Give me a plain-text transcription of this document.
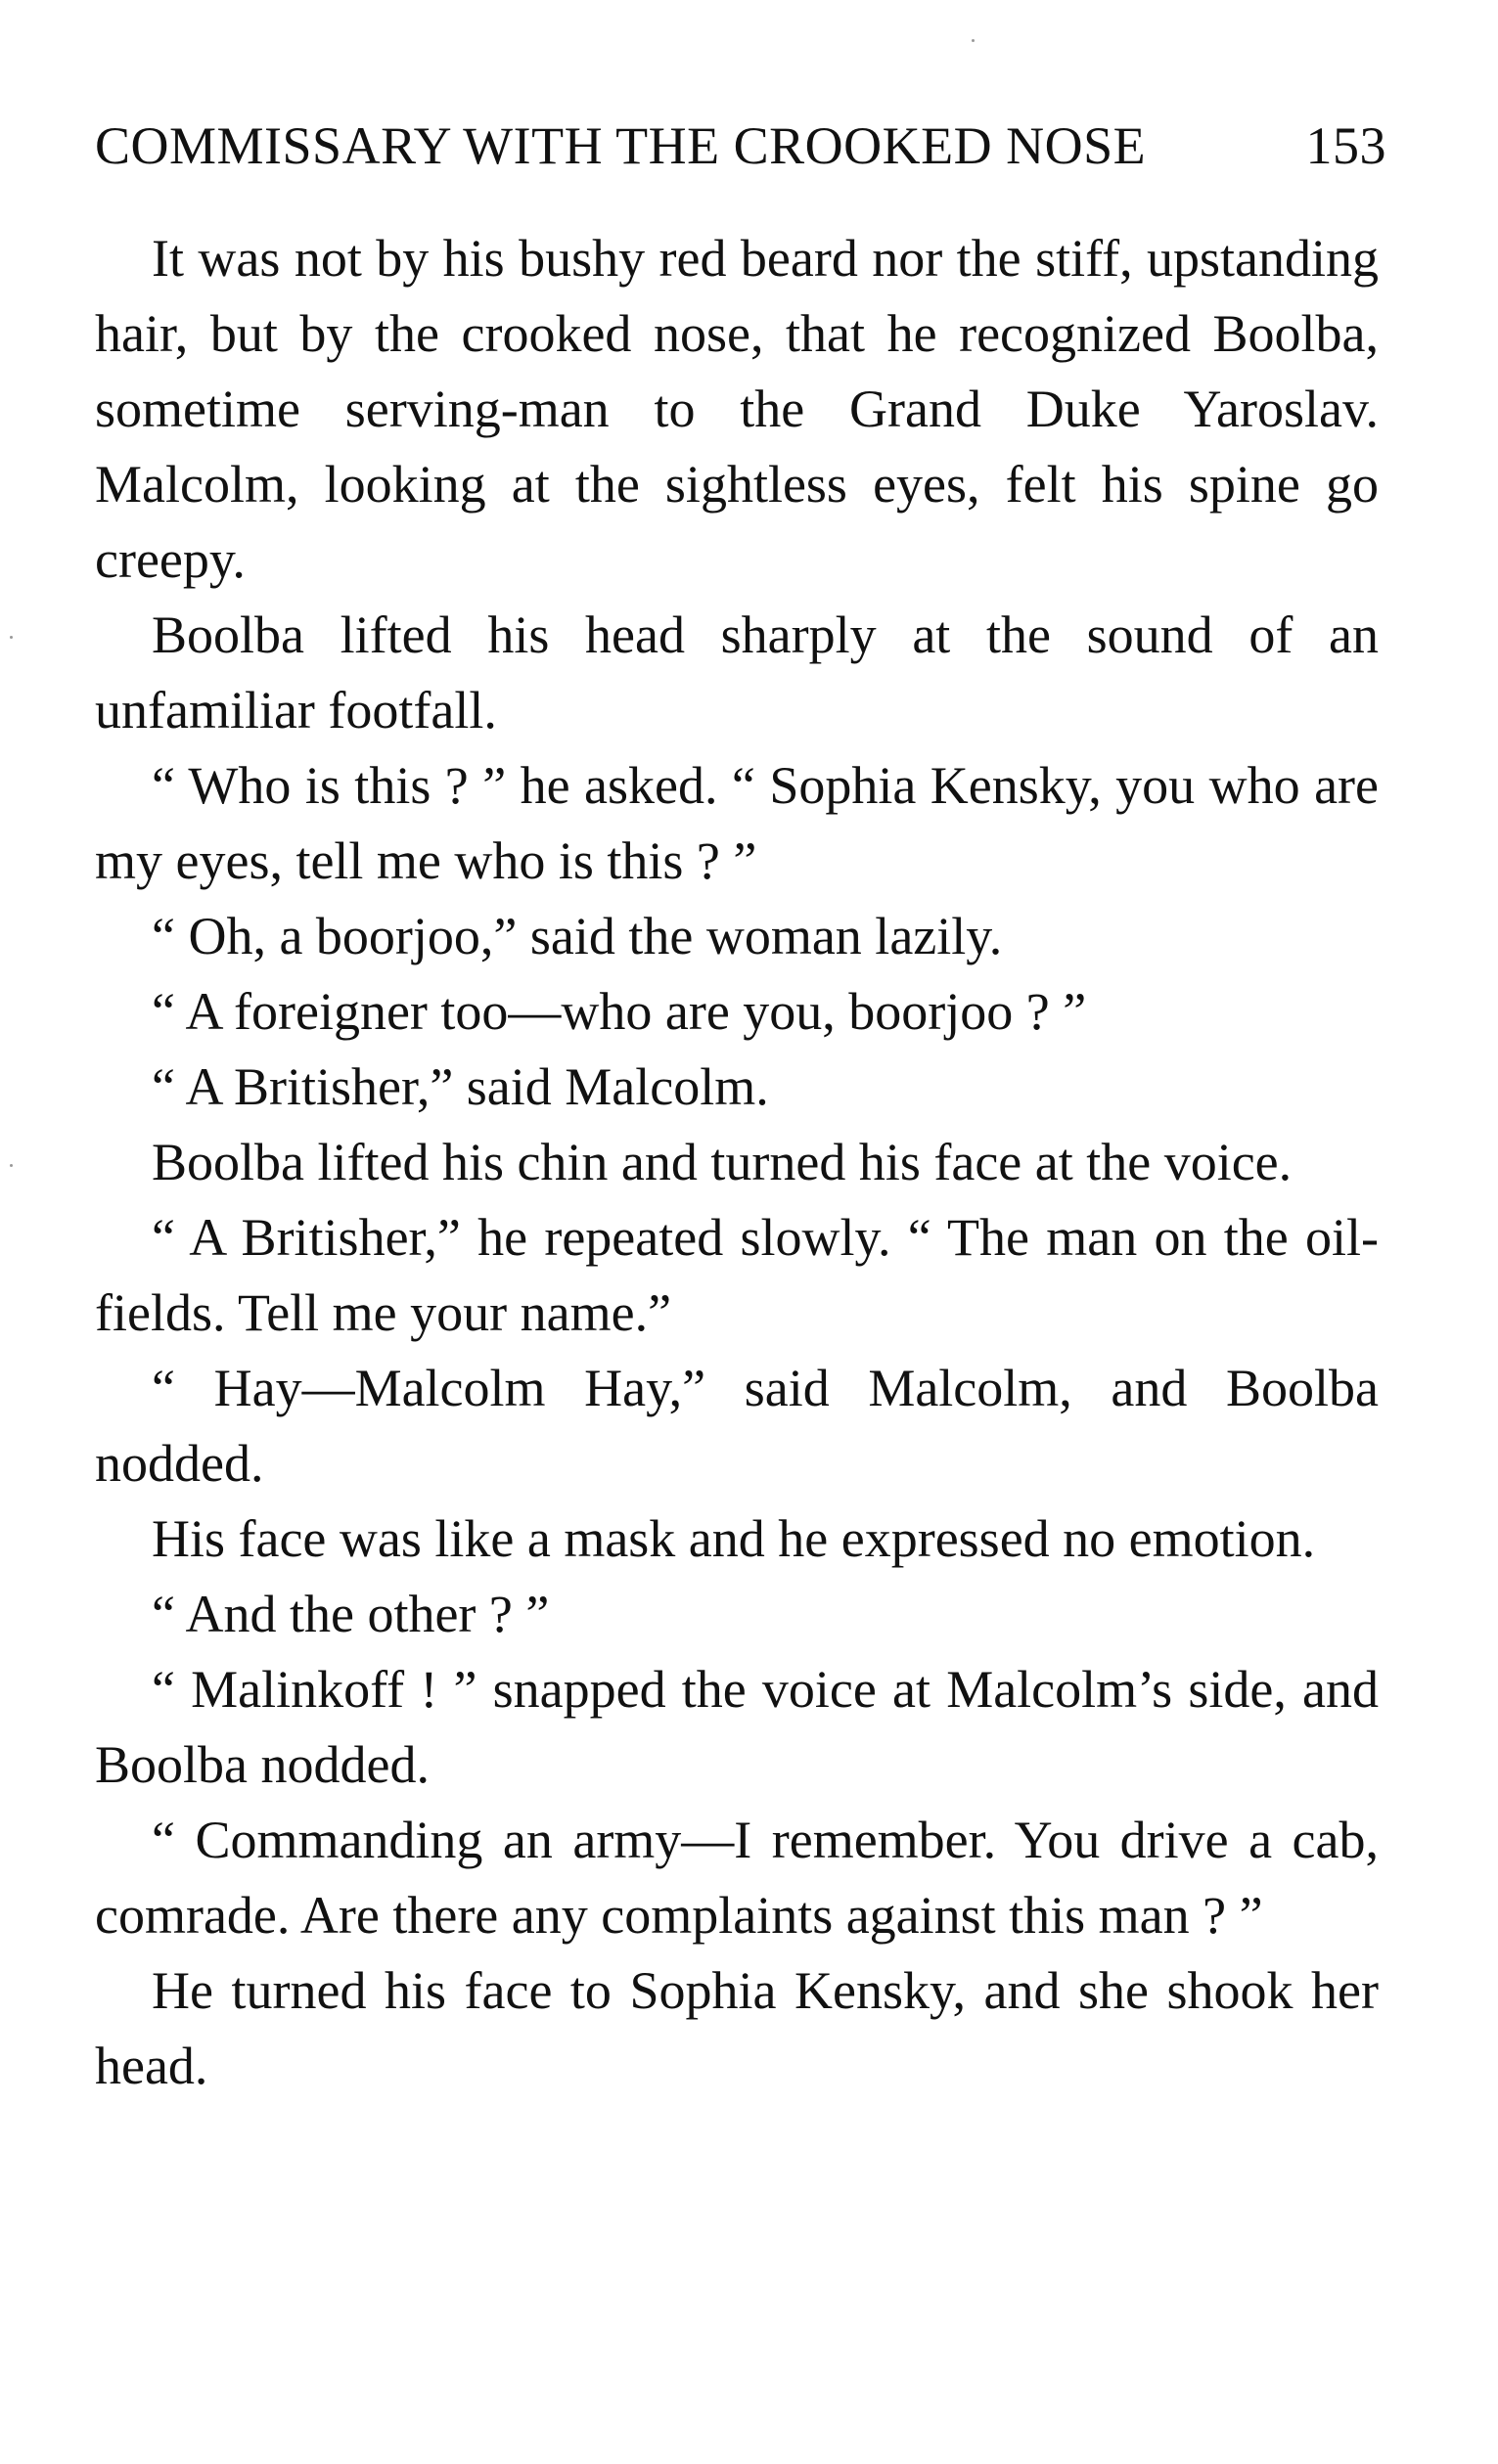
COMMISSARY WITH THE CROOKED NOSE	153

It was not by his bushy red beard nor the stiff, upstanding hair, but by the crooked nose, that he recognized Boolba, sometime serving-man to the Grand Duke Yaroslav. Malcolm, looking at the sightless eyes, felt his spine go creepy.

Boolba lifted his head sharply at the sound of an unfamiliar footfall.

“ Who is this ? ” he asked. “ Sophia Kensky, you who are my eyes, tell me who is this ? ”

“ Oh, a boorjoo,” said the woman lazily.

“ A foreigner too—who are you, boorjoo ? ”

“ A Britisher,” said Malcolm.

Boolba lifted his chin and turned his face at the voice.

“ A Britisher,” he repeated slowly. “ The man on the oil-fields. Tell me your name.”

“ Hay—Malcolm Hay,” said Malcolm, and Boolba nodded.

His face was like a mask and he expressed no emotion.

“ And the other ? ”

“ Malinkoff ! ” snapped the voice at Malcolm’s side, and Boolba nodded.

“ Commanding an army—I remember. You drive a cab, comrade. Are there any complaints against this man ? ”

He turned his face to Sophia Kensky, and she shook her head.
